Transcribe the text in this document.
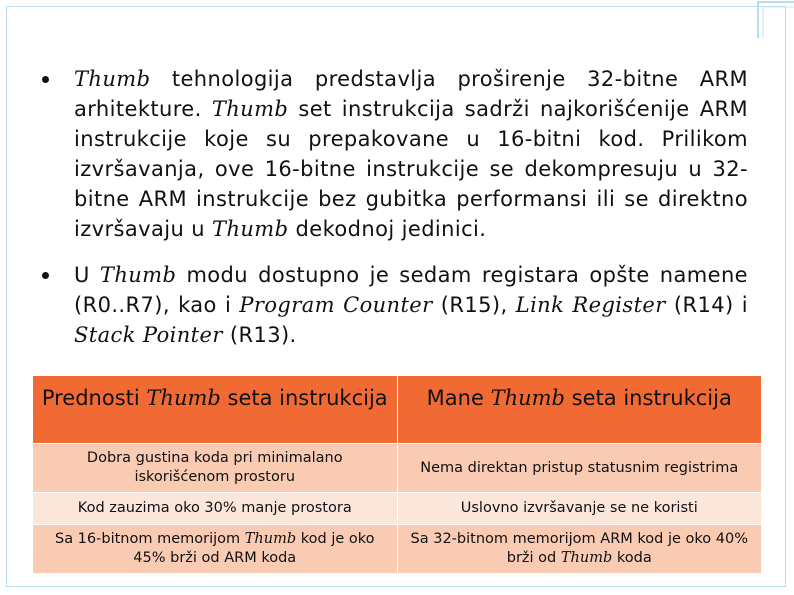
Thumb tehnologija predstavlja proširenje 32-bitne ARM arhitekture. Thumb set instrukcija sadrži najkorišćenije ARM instrukcije koje su prepakovane u 16-bitni kod. Prilikom izvršavanja, ove 16-bitne instrukcije se dekompresuju u 32-bitne ARM instrukcije bez gubitka performansi ili se direktno izvršavaju u Thumb dekodnoj jedinici.
U Thumb modu dostupno je sedam registara opšte namene (R0..R7), kao i Program Counter (R15), Link Register (R14) i Stack Pointer (R13).
Prednosti Thumb seta instrukcija	Mane Thumb seta instrukcija
Dobra gustina koda pri minimalano iskorišćenom prostoru	Nema direktan pristup statusnim registrima
Kod zauzima oko 30% manje prostora	Uslovno izvršavanje se ne koristi
Sa 16-bitnom memorijom Thumb kod je oko 45% brži od ARM koda	Sa 32-bitnom memorijom ARM kod je oko 40% brži od Thumb koda
